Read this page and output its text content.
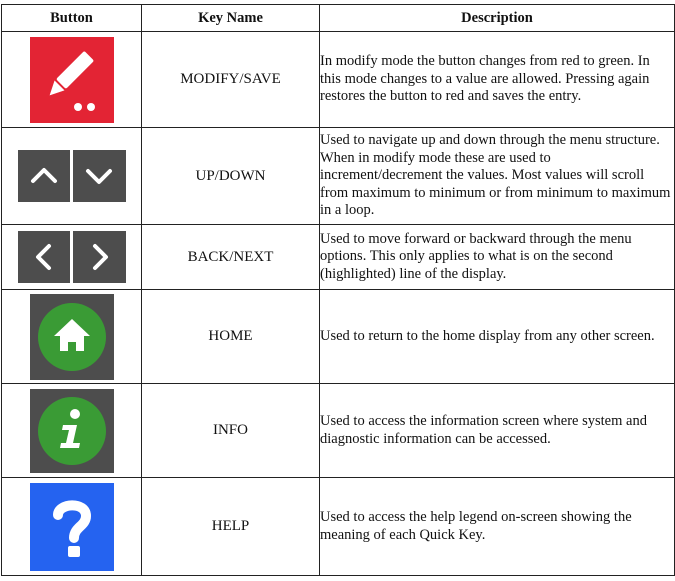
Button	Key Name	Description
	MODIFY/SAVE	In modify mode the button changes from red to green. In this mode changes to a value are allowed. Pressing again restores the button to red and saves the entry.
	UP/DOWN	Used to navigate up and down through the menu structure. When in modify mode these are used to increment/decrement the values. Most values will scroll from maximum to minimum or from minimum to maximum in a loop.
	BACK/NEXT	Used to move forward or backward through the menu options. This only applies to what is on the second (highlighted) line of the display.
	HOME	Used to return to the home display from any other screen.
	INFO	Used to access the information screen where system and diagnostic information can be accessed.
	HELP	Used to access the help legend on-screen showing the meaning of each Quick Key.
